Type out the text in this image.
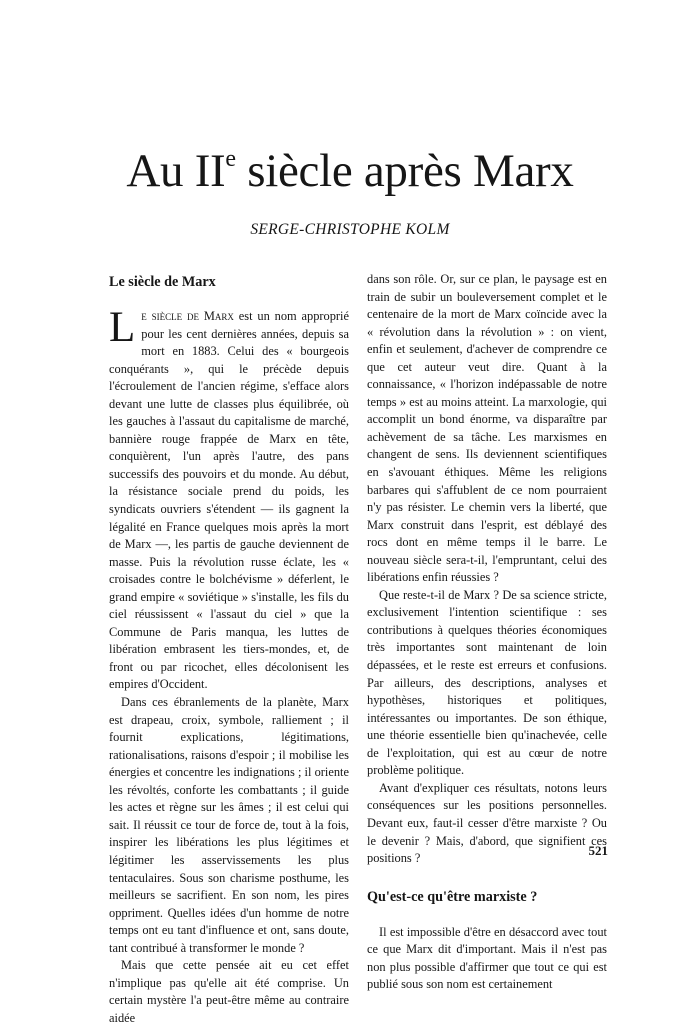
Au IIe siècle après Marx
SERGE-CHRISTOPHE KOLM
Le siècle de Marx

Le siècle de Marx est un nom approprié pour les cent dernières années, depuis sa mort en 1883. Celui des « bourgeois conquérants », qui le précède depuis l'écroulement de l'ancien régime, s'efface alors devant une lutte de classes plus équilibrée, où les gauches à l'assaut du capitalisme de marché, bannière rouge frappée de Marx en tête, conquièrent, l'un après l'autre, des pans successifs des pouvoirs et du monde. Au début, la résistance sociale prend du poids, les syndicats ouvriers s'étendent — ils gagnent la légalité en France quelques mois après la mort de Marx —, les partis de gauche deviennent de masse. Puis la révolution russe éclate, les « croisades contre le bolchévisme » déferlent, le grand empire « soviétique » s'installe, les fils du ciel réussissent « l'assaut du ciel » que la Commune de Paris manqua, les luttes de libération embrasent les tiers-mondes, et, de front ou par ricochet, elles décolonisent les empires d'Occident.

Dans ces ébranlements de la planète, Marx est drapeau, croix, symbole, ralliement ; il fournit explications, légitimations, rationalisations, raisons d'espoir ; il mobilise les énergies et concentre les indignations ; il oriente les révoltés, conforte les combattants ; il guide les actes et règne sur les âmes ; il est celui qui sait. Il réussit ce tour de force de, tout à la fois, inspirer les libérations les plus légitimes et légitimer les asservissements les plus tentaculaires. Sous son charisme posthume, les meilleurs se sacrifient. En son nom, les pires oppriment. Quelles idées d'un homme de notre temps ont eu tant d'influence et ont, sans doute, tant contribué à transformer le monde ?

Mais que cette pensée ait eu cet effet n'implique pas qu'elle ait été comprise. Un certain mystère l'a peut-être même au contraire aidée

dans son rôle. Or, sur ce plan, le paysage est en train de subir un bouleversement complet et le centenaire de la mort de Marx coïncide avec la « révolution dans la révolution » : on vient, enfin et seulement, d'achever de comprendre ce que cet auteur veut dire. Quant à la connaissance, « l'horizon indépassable de notre temps » est au moins atteint. La marxologie, qui accomplit un bond énorme, va disparaître par achèvement de sa tâche. Les marxismes en changent de sens. Ils deviennent scientifiques en s'avouant éthiques. Même les religions barbares qui s'affublent de ce nom pourraient n'y pas résister. Le chemin vers la liberté, que Marx construit dans l'esprit, est déblayé des rocs dont en même temps il le barre. Le nouveau siècle sera-t-il, l'empruntant, celui des libérations enfin réussies ?

Que reste-t-il de Marx ? De sa science stricte, exclusivement l'intention scientifique : ses contributions à quelques théories économiques très importantes sont maintenant de loin dépassées, et le reste est erreurs et confusions. Par ailleurs, des descriptions, analyses et hypothèses, historiques et politiques, intéressantes ou importantes. De son éthique, une théorie essentielle bien qu'inachevée, celle de l'exploitation, qui est au cœur de notre problème politique.

Avant d'expliquer ces résultats, notons leurs conséquences sur les positions personnelles. Devant eux, faut-il cesser d'être marxiste ? Ou le devenir ? Mais, d'abord, que signifient ces positions ?

Qu'est-ce qu'être marxiste ?

Il est impossible d'être en désaccord avec tout ce que Marx dit d'important. Mais il n'est pas non plus possible d'affirmer que tout ce qui est publié sous son nom est certainement

521
